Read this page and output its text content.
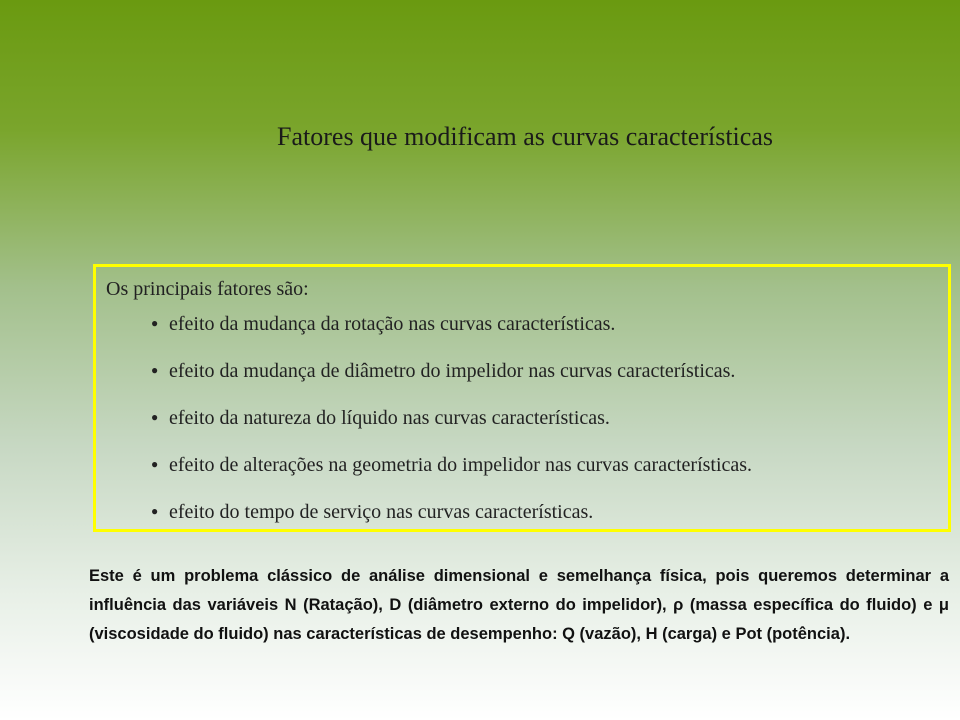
Fatores que modificam as curvas características
Os principais fatores são:
● efeito da mudança da rotação nas curvas características.
● efeito da mudança de diâmetro do impelidor nas curvas características.
● efeito da natureza do líquido nas curvas características.
● efeito de alterações na geometria do impelidor nas curvas características.
● efeito do tempo de serviço nas curvas características.

Este é um problema clássico de análise dimensional e semelhança física, pois queremos determinar a influência das variáveis N (Ratação), D (diâmetro externo do impelidor), ρ (massa específica do fluido) e μ (viscosidade do fluido) nas características de desempenho: Q (vazão), H (carga) e Pot (potência).
